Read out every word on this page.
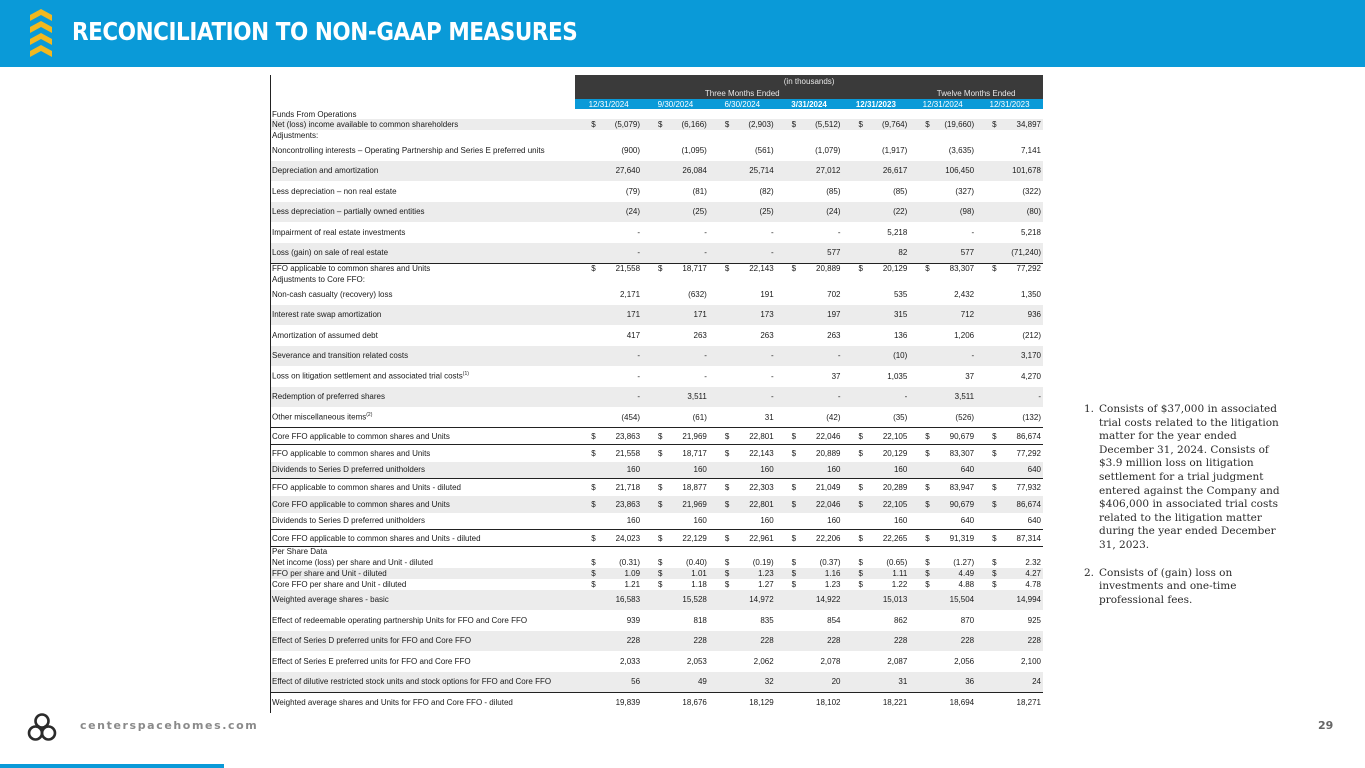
RECONCILIATION TO NON-GAAP MEASURES
	(in thousands)						
	Three Months Ended					Twelve Months Ended	
	12/31/2024	9/30/2024	6/30/2024	3/31/2024	12/31/2023	12/31/2024	12/31/2023
Funds From Operations							
Net (loss) income available to common shareholders	$ (5,079)	$ (6,166)	$ (2,903)	$ (5,512)	$ (9,764)	$ (19,660)	$ 34,897

Adjustments:							
Noncontrolling interests – Operating Partnership and Series E preferred units	(900)	(1,095)	(561)	(1,079)	(1,917)	(3,635)	7,141
Depreciation and amortization	27,640	26,084	25,714	27,012	26,617	106,450	101,678
Less depreciation – non real estate	(79)	(81)	(82)	(85)	(85)	(327)	(322)
Less depreciation – partially owned entities	(24)	(25)	(25)	(24)	(22)	(98)	(80)
Impairment of real estate investments	-	-	-	-	5,218	-	5,218
Loss (gain) on sale of real estate	-	-	-	577	82	577	(71,240)
FFO applicable to common shares and Units	$ 21,558	$ 18,717	$ 22,143	$ 20,889	$ 20,129	$ 83,307	$ 77,292

Adjustments to Core FFO:							
Non-cash casualty (recovery) loss	2,171	(632)	191	702	535	2,432	1,350
Interest rate swap amortization	171	171	173	197	315	712	936
Amortization of assumed debt	417	263	263	263	136	1,206	(212)
Severance and transition related costs	-	-	-	-	(10)	-	3,170
Loss on litigation settlement and associated trial costs$^{(1)}$	-	-	-	37	1,035	37	4,270
Redemption of preferred shares	-	3,511	-	-	-	3,511	-
Other miscellaneous items$^{(2)}$	(454)	(61)	31	(42)	(35)	(526)	(132)
Core FFO applicable to common shares and Units	$ 23,863	$ 21,969	$ 22,801	$ 22,046	$ 22,105	$ 90,679	$ 86,674

FFO applicable to common shares and Units	$ 21,558	$ 18,717	$ 22,143	$ 20,889	$ 20,129	$ 83,307	$ 77,292

Dividends to Series D preferred unitholders	160	160	160	160	160	640	640
FFO applicable to common shares and Units - diluted	$ 21,718	$ 18,877	$ 22,303	$ 21,049	$ 20,289	$ 83,947	$ 77,932

Core FFO applicable to common shares and Units	$ 23,863	$ 21,969	$ 22,801	$ 22,046	$ 22,105	$ 90,679	$ 86,674

Dividends to Series D preferred unitholders	160	160	160	160	160	640	640
Core FFO applicable to common shares and Units - diluted	$ 24,023	$ 22,129	$ 22,961	$ 22,206	$ 22,265	$ 91,319	$ 87,314

Per Share Data							
Net income (loss) per share and Unit - diluted	$ (0.31)	$ (0.40)	$ (0.19)	$ (0.37)	$ (0.65)	$ (1.27)	$ 2.32

FFO per share and Unit - diluted	$ 1.09	$ 1.01	$ 1.23	$ 1.16	$ 1.11	$ 4.49	$ 4.27

Core FFO per share and Unit - diluted	$ 1.21	$ 1.18	$ 1.27	$ 1.23	$ 1.22	$ 4.88	$ 4.78

Weighted average shares - basic	16,583	15,528	14,972	14,922	15,013	15,504	14,994
Effect of redeemable operating partnership Units for FFO and Core FFO	939	818	835	854	862	870	925
Effect of Series D preferred units for FFO and Core FFO	228	228	228	228	228	228	228
Effect of Series E preferred units for FFO and Core FFO	2,033	2,053	2,062	2,078	2,087	2,056	2,100
Effect of dilutive restricted stock units and stock options for FFO and Core FFO	56	49	32	20	31	36	24
Weighted average shares and Units for FFO and Core FFO - diluted	19,839	18,676	18,129	18,102	18,221	18,694	18,271
1. Consists of $37,000 in associated trial costs related to the litigation matter for the year ended December 31, 2024. Consists of $3.9 million loss on litigation settlement for a trial judgment entered against the Company and $406,000 in associated trial costs related to the litigation matter during the year ended December 31, 2023.
2. Consists of (gain) loss on investments and one-time professional fees.
centerspacehomes.com	29
